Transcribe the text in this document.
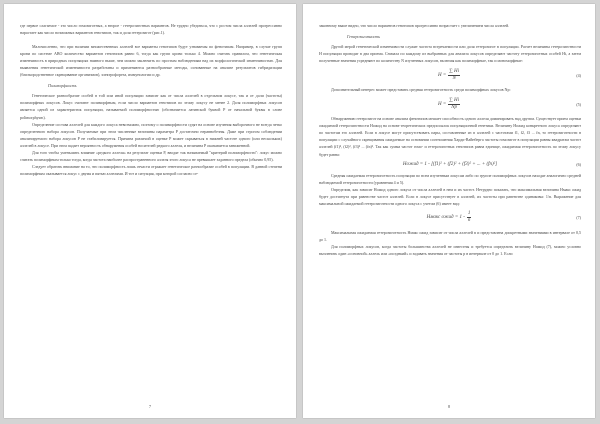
где первое слагаемое - это число гомозиготных, а второе - гетерозиготных вариантов. Не трудно убедиться, что с ростом числа аллелей прогрессивно нарастает как число возможных вариантов генотипов, так и доля гетерозигот (рис.1).

Малочисленно, что при наличии множественных аллелей все варианты генотипов будут узнаваемы по фенотипам. Например, в случае групп крови по системе АВО количество вариантов генотипов равно 6, тогда как групп крови только 4. Можно считать правилом, что генетическая изменчивость в природных популяциях намного выше, чем можно заключить по простым наблюдениям над их морфологической изменчивостью. Для выявления генетической изменчивости разработаны и применяются разнообразные методы, основанные на анализе результатов гибридизации (близкородственное скрещивание организмов), электрофореза, иммунологии и др.

Полиморфность

Генетическое разнообразие особей в той или иной популяции зависит как от числа аллелей в отдельном локусе, так и от доли (частоты) полиморфных локусов. Локус считают полиморфным, если число вариантов генотипов по этому локусу не менее 2. Доля полиморфных локусов является одной из характеристик популяции, называемой полиморфностью (обозначается латинской буквой P от начальной буквы в слове polimorphysm).

Определение состава аллелей для каждого локуса невозможно, поэтому о полиморфности судят на основе изучения выборочного не всегда четко определенного набора локусов. Получаемые при этом численные величины параметра P достаточно неравнобезны. Даже при строгом соблюдении анализируемого набора локусов P не стабилизируется. Причина различий в оценке P может скрываться в нижней частоте одного (или нескольких) аллелей в локусе. При этом падает вероятность обнаружения особей носителей редкого аллеля, и величина P оказывается заниженной.

Для того чтобы уменьшить влияние «редкого аллеля» на результат оценки P, вводят так называемый "критерий полиморфности": локус можно считать полиморфным только тогда, когда частота наиболее распространенного аллеля этого локуса не превышает заданного предела (обычно 0,95).

Следует обратить внимание на то, что полиморфность лишь отчасти отражает генетическое разнообразие особей в популяции. В данной степени полиморфным оказывается локус с двумя и пятью аллелями. И тот и ситуация, при которой согласно се-

7

законному выше видно, что число вариантов генотипов прогрессивно возрастает с увеличением числа аллелей.

Гетерозиготность

Другой мерой генетической изменчивости служит частота встречаемости или доля гетерозигот в популяции. Расчет величины гетерозиготности H популяции проводят в два приема. Сначала по каждому из выбранных для анализа локусов определяют частоту гетерозиготных особей Hi, а затем полученные значения усредняют по количеству N изученных локусов, включая как полиморфные, так и мономорфные:

$H = \frac{\sum Hi}{N}$	(4)

Дополнительный интерес может представить средняя гетерозиготность среди полиморфных локусов Np:

$H = \frac{\sum Hi}{Np}$	(5)

Обнаружению гетерозигот на основе анализа фенотипов мешает способность одного аллеля доминировать над другим. Существует прием оценки ожидаемой гетерозиготности Hожид на основе теоретических предпосылок популяционной генетики. Величину Hожид конкретного локуса определяют по частотам его аллелей. Если в локусе могут присутствовать пары, составленные из n аллелей с частотами f1, f2, f3 ... fn, то гетерозиготности в популяции с случайного скрещивания ожидаемые на основании соотношения Харди-Вайнберга частоты гомозигот в популяции равны квадратам частот аллелей (f1)², (f2)², (f3)² ... (fn)². Так как сумма частот гомо- и гетерозиготных генотипов равна единице, ожидаемая гетерозиготность по этому локусу будет равна:

Hожид = 1 - [(f1)² + (f2)² + (f3)² + ... + (fn)²]	(6)

Средняя ожидаемая гетерозиготность популяции по всем изученным локусам либо по группе полиморфных локусов находят аналогично средней наблюдаемой гетерозиготности (уравнения 4 и 5).

Определим, как зависит Hожид одного локуса от числа аллелей в нем и их частот. Нетрудно показать, что максимальная величина Hмакс ожид будет достигнута при равенстве частот аллелей. Если в локусе присутствует n аллелей, их частоты при равенстве одинаковы: 1/n. Выражение для максимальной ожидаемой гетерозиготности одного локуса с учетом (6) имеет вид:

Hмакс ожид = $1 - \frac{1}{n}$	(7)

Максимальная ожидаемая гетерозиготность Hмакс ожид зависит от числа аллелей n и представлена дискретными значениями в интервале от 0,5 до 1.

Для полиморфных локусов, когда частоты большинства аллелей не известны и требуется определить величину Hожид (7), можно условно вычленить один «основной» аллель или «позднкий» и задавать значения от частоты p в интервале от 0 до 1. Если

8
